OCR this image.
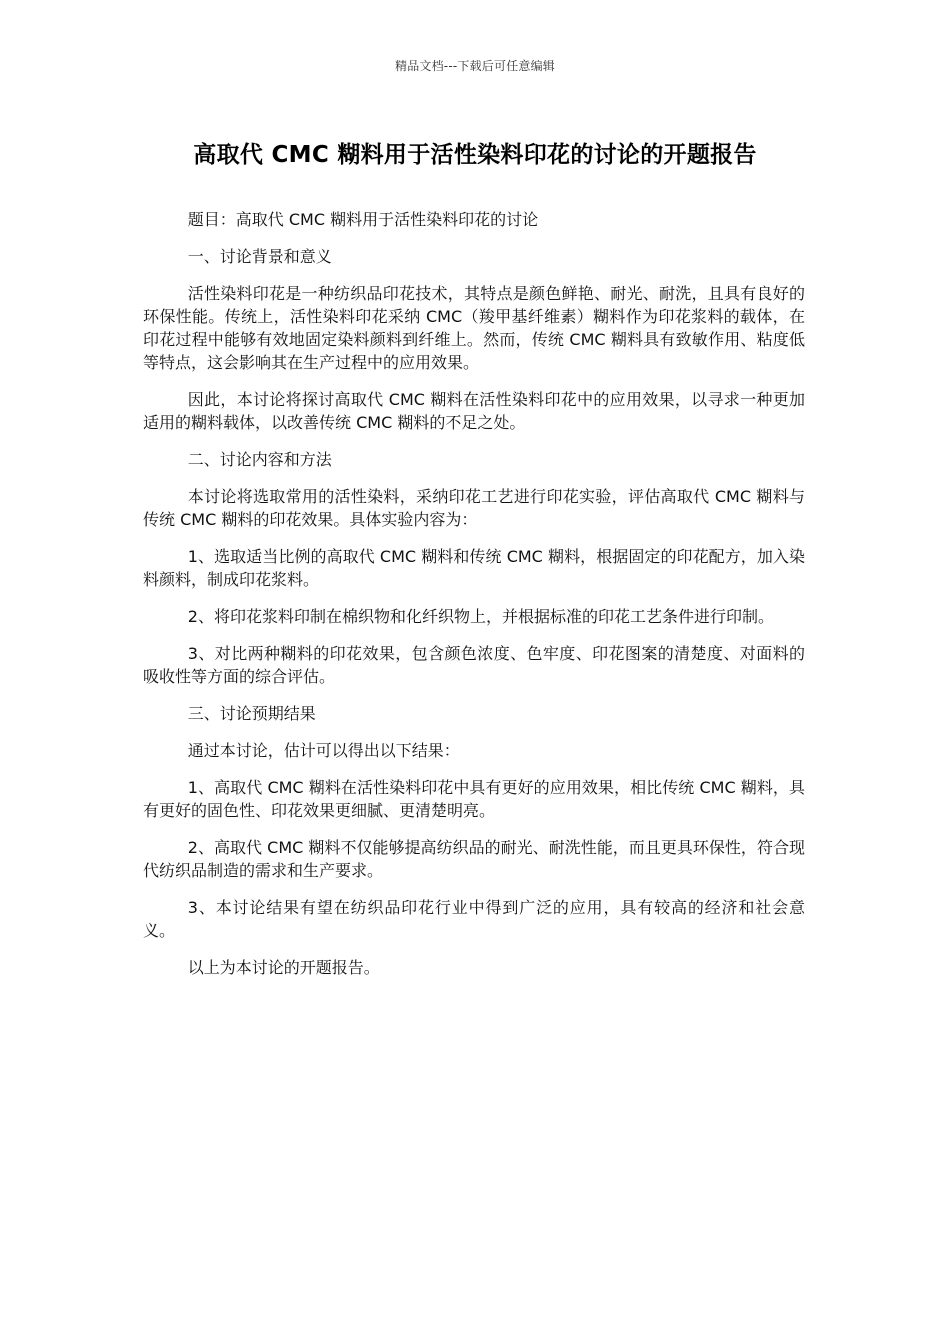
精品文档---下载后可任意编辑
高取代 CMC 糊料用于活性染料印花的讨论的开题报告

题目：高取代 CMC 糊料用于活性染料印花的讨论

一、讨论背景和意义

活性染料印花是一种纺织品印花技术，其特点是颜色鲜艳、耐光、耐洗，且具有良好的环保性能。传统上，活性染料印花采纳 CMC（羧甲基纤维素）糊料作为印花浆料的载体，在印花过程中能够有效地固定染料颜料到纤维上。然而，传统 CMC 糊料具有致敏作用、粘度低等特点，这会影响其在生产过程中的应用效果。

因此，本讨论将探讨高取代 CMC 糊料在活性染料印花中的应用效果，以寻求一种更加适用的糊料载体，以改善传统 CMC 糊料的不足之处。

二、讨论内容和方法

本讨论将选取常用的活性染料，采纳印花工艺进行印花实验，评估高取代 CMC 糊料与传统 CMC 糊料的印花效果。具体实验内容为：

1、选取适当比例的高取代 CMC 糊料和传统 CMC 糊料，根据固定的印花配方，加入染料颜料，制成印花浆料。

2、将印花浆料印制在棉织物和化纤织物上，并根据标准的印花工艺条件进行印制。

3、对比两种糊料的印花效果，包含颜色浓度、色牢度、印花图案的清楚度、对面料的吸收性等方面的综合评估。

三、讨论预期结果

通过本讨论，估计可以得出以下结果：

1、高取代 CMC 糊料在活性染料印花中具有更好的应用效果，相比传统 CMC 糊料，具有更好的固色性、印花效果更细腻、更清楚明亮。

2、高取代 CMC 糊料不仅能够提高纺织品的耐光、耐洗性能，而且更具环保性，符合现代纺织品制造的需求和生产要求。

3、本讨论结果有望在纺织品印花行业中得到广泛的应用，具有较高的经济和社会意义。

以上为本讨论的开题报告。
